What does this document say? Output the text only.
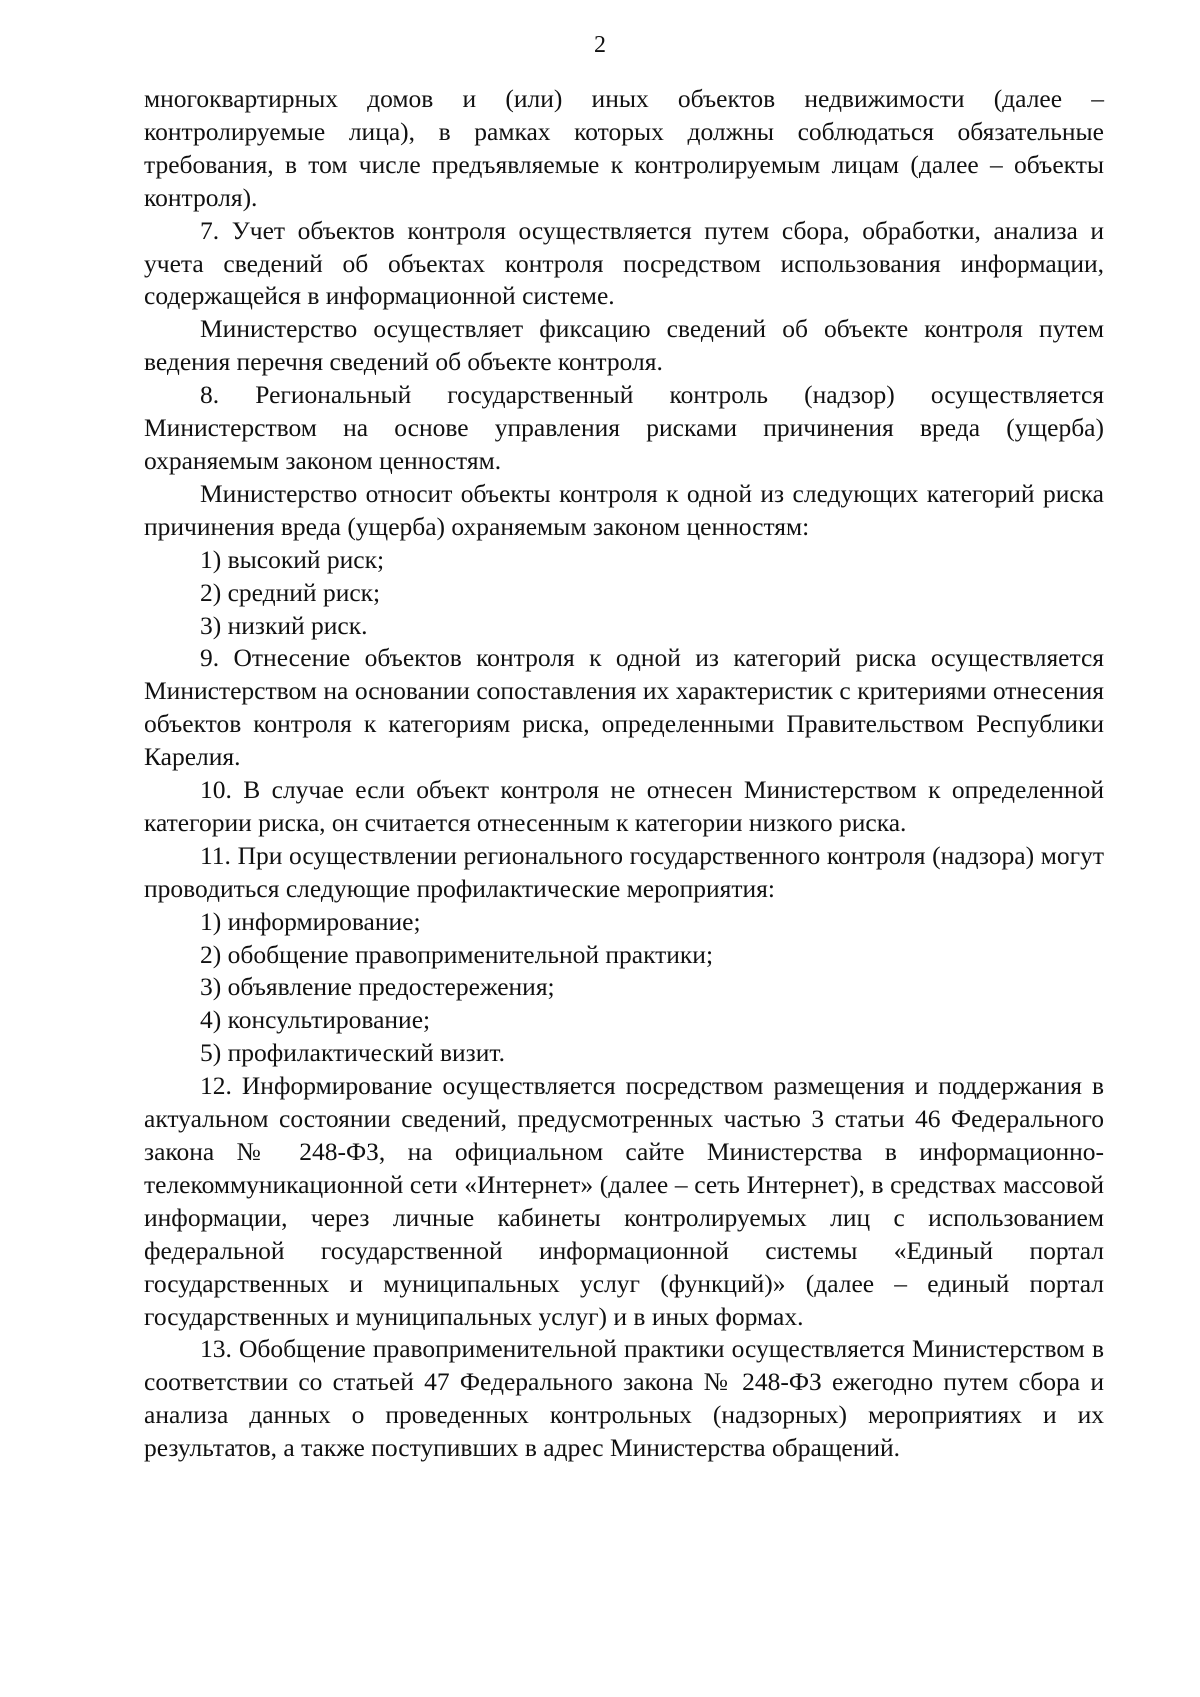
2

многоквартирных домов и (или) иных объектов недвижимости (далее – контролируемые лица), в рамках которых должны соблюдаться обязательные требования, в том числе предъявляемые к контролируемым лицам (далее – объекты контроля).

7. Учет объектов контроля осуществляется путем сбора, обработки, анализа и учета сведений об объектах контроля посредством использования информации, содержащейся в информационной системе.

Министерство осуществляет фиксацию сведений об объекте контроля путем ведения перечня сведений об объекте контроля.

8. Региональный государственный контроль (надзор) осуществляется Министерством на основе управления рисками причинения вреда (ущерба) охраняемым законом ценностям.

Министерство относит объекты контроля к одной из следующих категорий риска причинения вреда (ущерба) охраняемым законом ценностям:

1) высокий риск;

2) средний риск;

3) низкий риск.

9. Отнесение объектов контроля к одной из категорий риска осуществляется Министерством на основании сопоставления их характеристик с критериями отнесения объектов контроля к категориям риска, определенными Правительством Республики Карелия.

10. В случае если объект контроля не отнесен Министерством к определенной категории риска, он считается отнесенным к категории низкого риска.

11. При осуществлении регионального государственного контроля (надзора) могут проводиться следующие профилактические мероприятия:

1) информирование;

2) обобщение правоприменительной практики;

3) объявление предостережения;

4) консультирование;

5) профилактический визит.

12. Информирование осуществляется посредством размещения и поддержания в актуальном состоянии сведений, предусмотренных частью 3 статьи 46 Федерального закона № 248-ФЗ, на официальном сайте Министерства в информационно-телекоммуникационной сети «Интернет» (далее – сеть Интернет), в средствах массовой информации, через личные кабинеты контролируемых лиц с использованием федеральной государственной информационной системы «Единый портал государственных и муниципальных услуг (функций)» (далее – единый портал государственных и муниципальных услуг) и в иных формах.

13. Обобщение правоприменительной практики осуществляется Министерством в соответствии со статьей 47 Федерального закона № 248-ФЗ ежегодно путем сбора и анализа данных о проведенных контрольных (надзорных) мероприятиях и их результатов, а также поступивших в адрес Министерства обращений.
